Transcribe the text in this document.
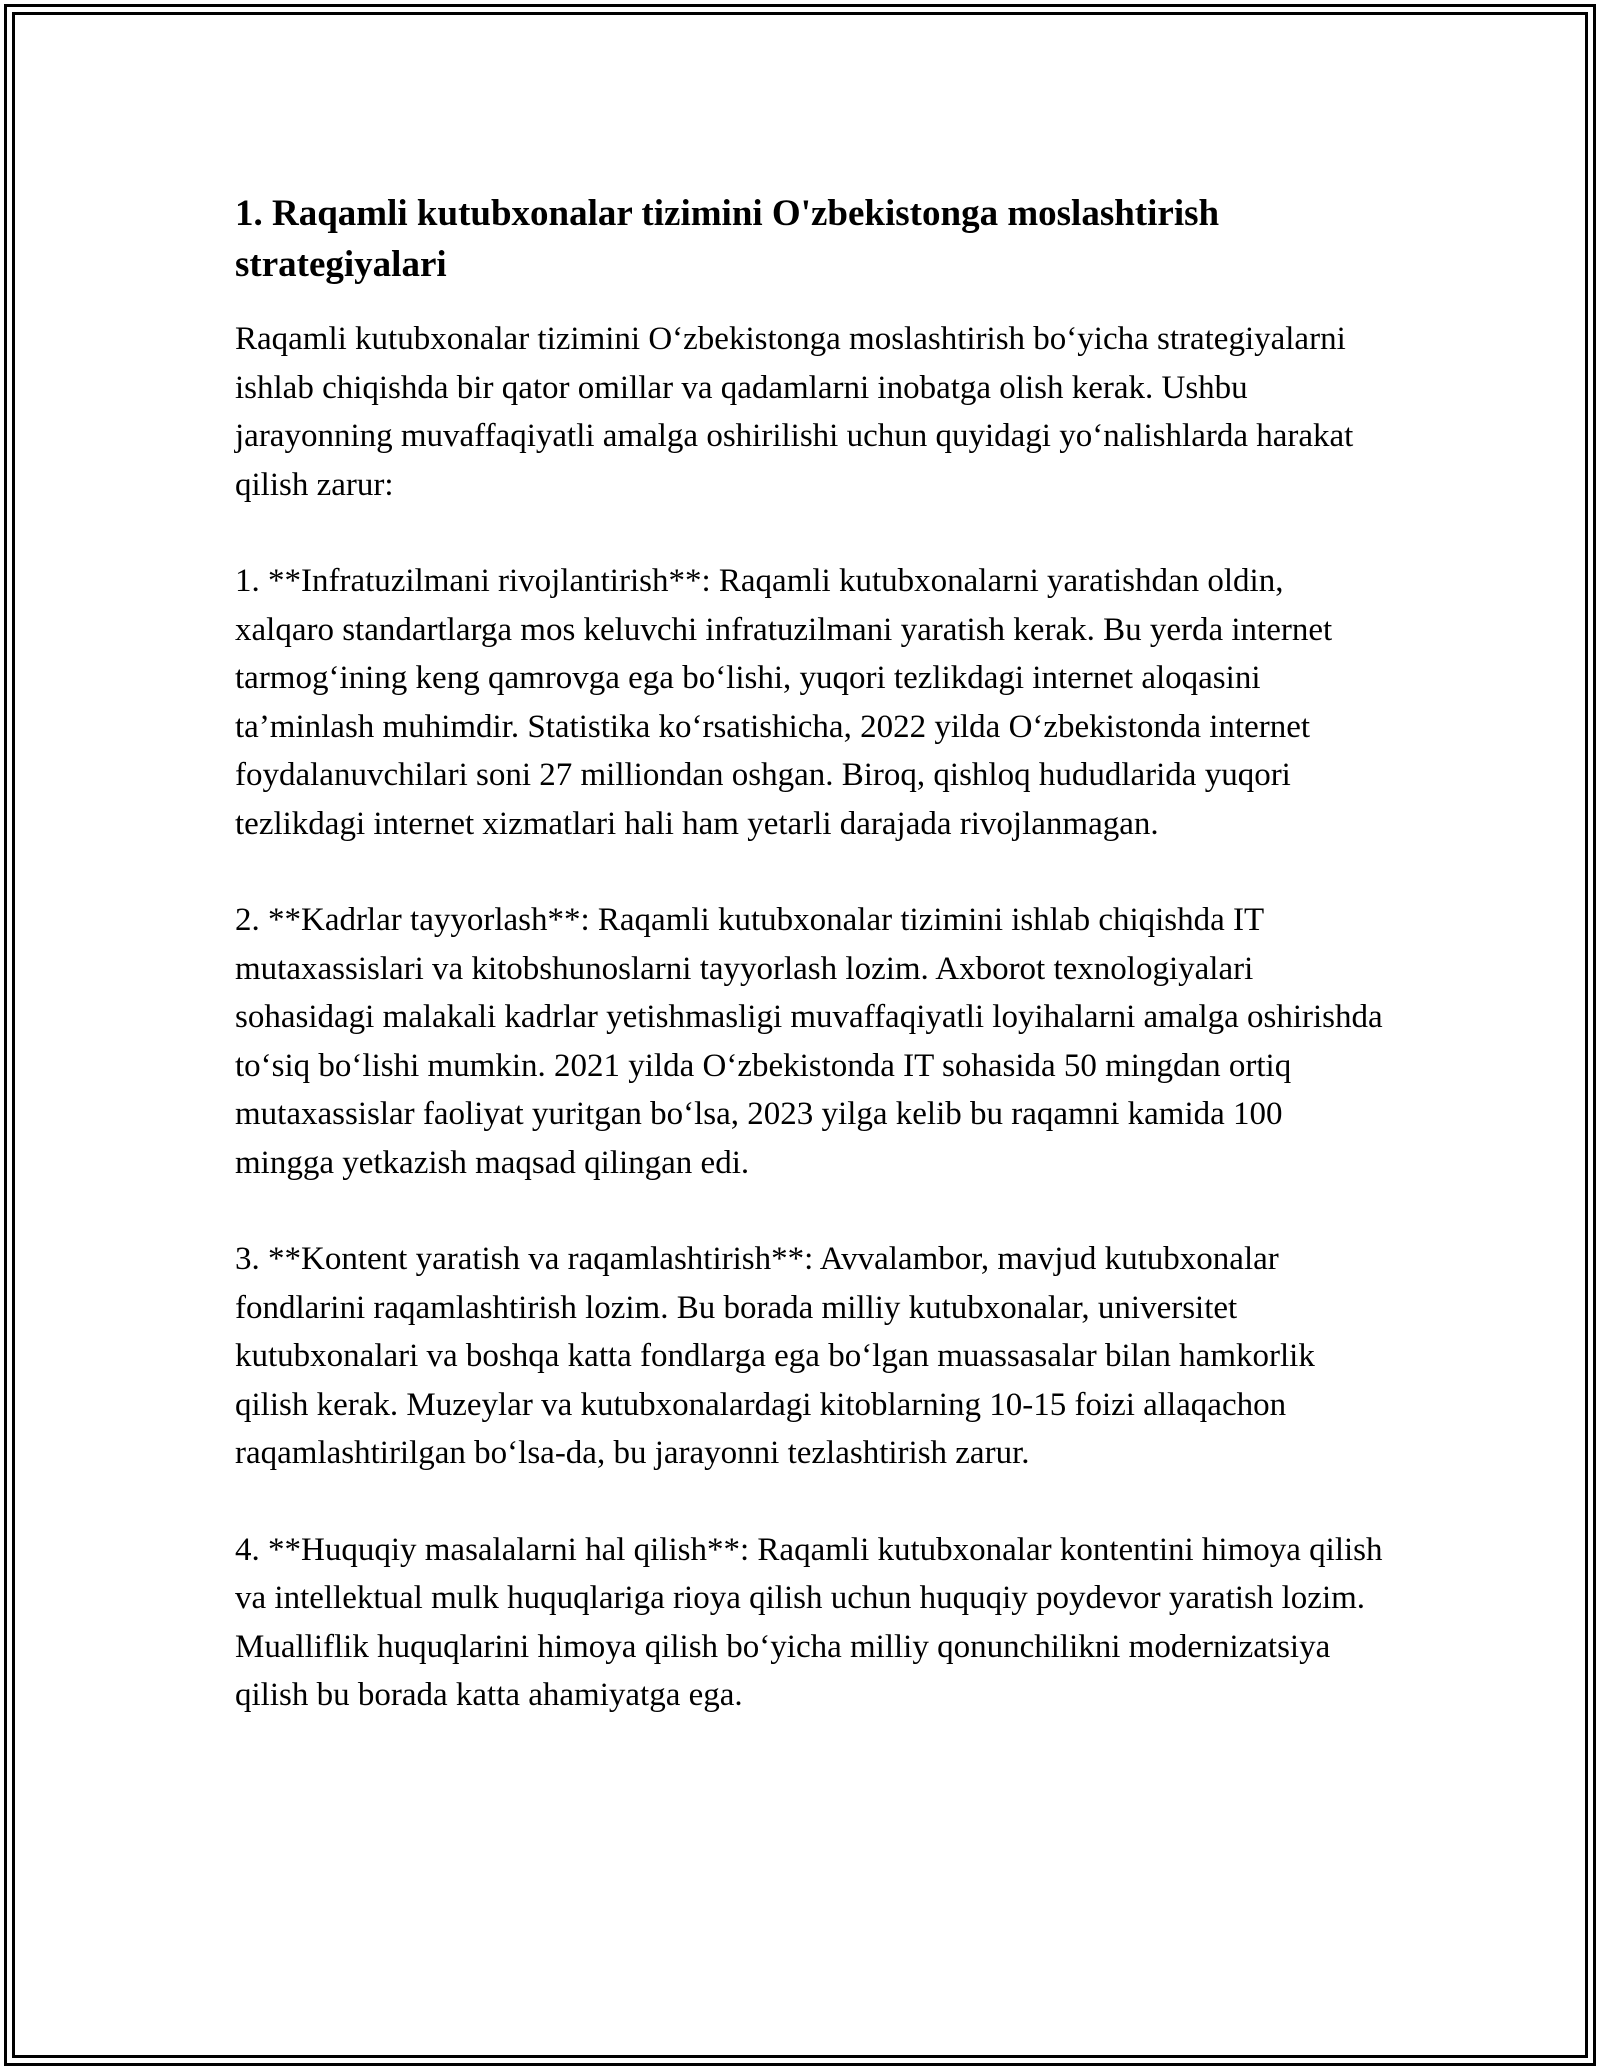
1. Raqamli kutubxonalar tizimini O'zbekistonga moslashtirish strategiyalari

Raqamli kutubxonalar tizimini O‘zbekistonga moslashtirish bo‘yicha strategiyalarni ishlab chiqishda bir qator omillar va qadamlarni inobatga olish kerak. Ushbu jarayonning muvaffaqiyatli amalga oshirilishi uchun quyidagi yo‘nalishlarda harakat qilish zarur:

1. **Infratuzilmani rivojlantirish**: Raqamli kutubxonalarni yaratishdan oldin, xalqaro standartlarga mos keluvchi infratuzilmani yaratish kerak. Bu yerda internet tarmog‘ining keng qamrovga ega bo‘lishi, yuqori tezlikdagi internet aloqasini ta’minlash muhimdir. Statistika ko‘rsatishicha, 2022 yilda O‘zbekistonda internet foydalanuvchilari soni 27 milliondan oshgan. Biroq, qishloq hududlarida yuqori tezlikdagi internet xizmatlari hali ham yetarli darajada rivojlanmagan.

2. **Kadrlar tayyorlash**: Raqamli kutubxonalar tizimini ishlab chiqishda IT mutaxassislari va kitobshunoslarni tayyorlash lozim. Axborot texnologiyalari sohasidagi malakali kadrlar yetishmasligi muvaffaqiyatli loyihalarni amalga oshirishda to‘siq bo‘lishi mumkin. 2021 yilda O‘zbekistonda IT sohasida 50 mingdan ortiq mutaxassislar faoliyat yuritgan bo‘lsa, 2023 yilga kelib bu raqamni kamida 100 mingga yetkazish maqsad qilingan edi.

3. **Kontent yaratish va raqamlashtirish**: Avvalambor, mavjud kutubxonalar fondlarini raqamlashtirish lozim. Bu borada milliy kutubxonalar, universitet kutubxonalari va boshqa katta fondlarga ega bo‘lgan muassasalar bilan hamkorlik qilish kerak. Muzeylar va kutubxonalardagi kitoblarning 10-15 foizi allaqachon raqamlashtirilgan bo‘lsa-da, bu jarayonni tezlashtirish zarur.

4. **Huquqiy masalalarni hal qilish**: Raqamli kutubxonalar kontentini himoya qilish va intellektual mulk huquqlariga rioya qilish uchun huquqiy poydevor yaratish lozim. Mualliflik huquqlarini himoya qilish bo‘yicha milliy qonunchilikni modernizatsiya qilish bu borada katta ahamiyatga ega.
